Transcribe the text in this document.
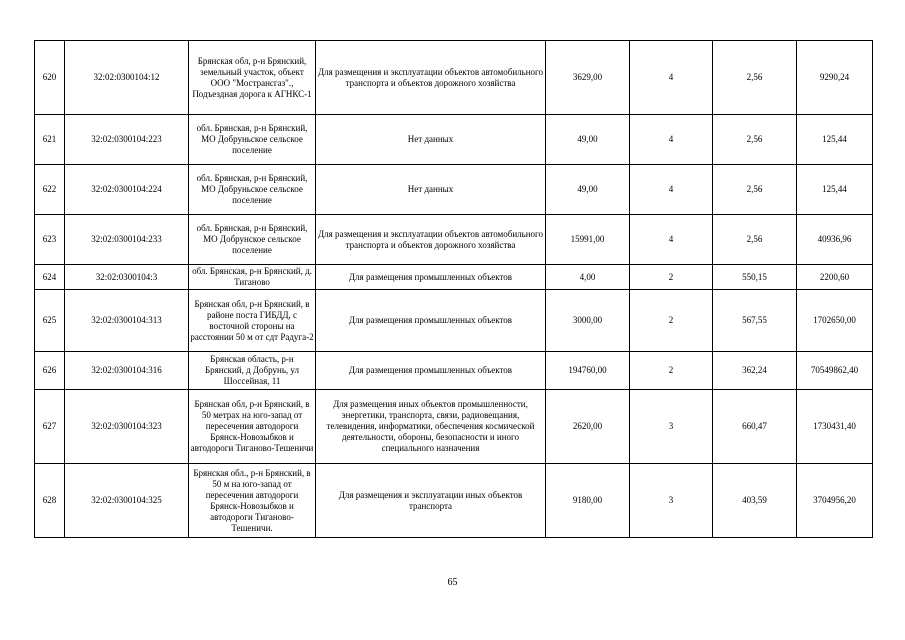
620	32:02:0300104:12	Брянская обл, р-н Брянский, земельный участок, объект ООО "Мострансгаз"., Подъездная дорога к АГНКС-1	Для размещения и эксплуатации объектов автомобильного транспорта и объектов дорожного хозяйства	3629,00	4	2,56	9290,24
621	32:02:0300104:223	обл. Брянская, р-н Брянский, МО Добруньское сельское поселение	Нет данных	49,00	4	2,56	125,44
622	32:02:0300104:224	обл. Брянская, р-н Брянский, МО Добруньское сельское поселение	Нет данных	49,00	4	2,56	125,44
623	32:02:0300104:233	обл. Брянская, р-н Брянский, МО Добрунское сельское поселение	Для размещения и эксплуатации объектов автомобильного транспорта и объектов дорожного хозяйства	15991,00	4	2,56	40936,96
624	32:02:0300104:3	обл. Брянская, р-н Брянский, д. Тиганово	Для размещения промышленных объектов	4,00	2	550,15	2200,60
625	32:02:0300104:313	Брянская обл, р-н Брянский, в районе поста ГИБДД, с восточной стороны на расстоянии 50 м от сдт Радуга-2	Для размещения промышленных объектов	3000,00	2	567,55	1702650,00
626	32:02:0300104:316	Брянская область, р-н Брянский, д Добрунь, ул Шоссейная, 11	Для размещения промышленных объектов	194760,00	2	362,24	70549862,40
627	32:02:0300104:323	Брянская обл, р-н Брянский, в 50 метрах на юго-запад от пересечения автодороги Брянск-Новозыбков и автодороги Тиганово-Тешеничи	Для размещения иных объектов промышленности, энергетики, транспорта, связи, радиовещания, телевидения, информатики, обеспечения космической деятельности, обороны, безопасности и иного специального назначения	2620,00	3	660,47	1730431,40
628	32:02:0300104:325	Брянская обл., р-н Брянский, в 50 м на юго-запад от пересечения автодороги Брянск-Новозыбков и автодороги Тиганово-Тешеничи.	Для размещения и эксплуатации иных объектов транспорта	9180,00	3	403,59	3704956,20
65
